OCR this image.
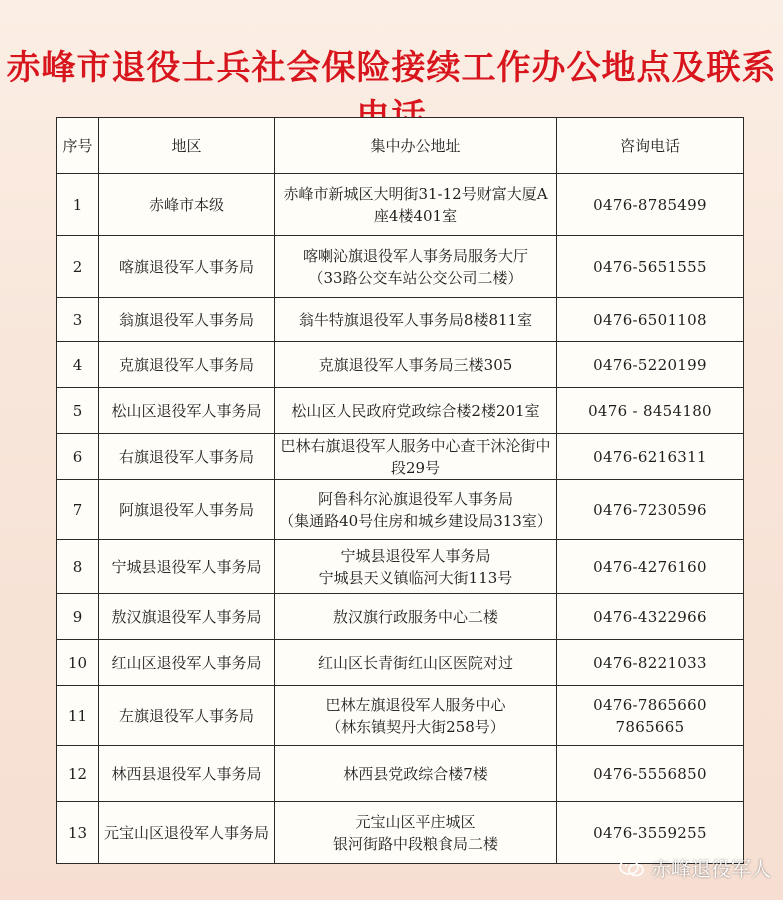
赤峰市退役士兵社会保险接续工作办公地点及联系
序号	地区	集中办公地址	咨询电话
1	赤峰市本级	赤峰市新城区大明街31-12号财富大厦A座4楼401室	0476-8785499
2	喀旗退役军人事务局	喀喇沁旗退役军人事务局服务大厅
（33路公交车站公交公司二楼）	0476-5651555
3	翁旗退役军人事务局	翁牛特旗退役军人事务局8楼811室	0476-6501108
4	克旗退役军人事务局	克旗退役军人事务局三楼305	0476-5220199
5	松山区退役军人事务局	松山区人民政府党政综合楼2楼201室	0476 - 8454180
6	右旗退役军人事务局	巴林右旗退役军人服务中心查干沐沦街中段29号	0476-6216311
7	阿旗退役军人事务局	阿鲁科尔沁旗退役军人事务局
（集通路40号住房和城乡建设局313室）	0476-7230596
8	宁城县退役军人事务局	宁城县退役军人事务局
宁城县天义镇临河大街113号	0476-4276160
9	敖汉旗退役军人事务局	敖汉旗行政服务中心二楼	0476-4322966
10	红山区退役军人事务局	红山区长青街红山区医院对过	0476-8221033
11	左旗退役军人事务局	巴林左旗退役军人服务中心
（林东镇契丹大街258号）	0476-7865660　7865665
12	林西县退役军人事务局	林西县党政综合楼7楼	0476-5556850
13	元宝山区退役军人事务局	元宝山区平庄城区
银河街路中段粮食局二楼	0476-3559255
赤峰退役军人
